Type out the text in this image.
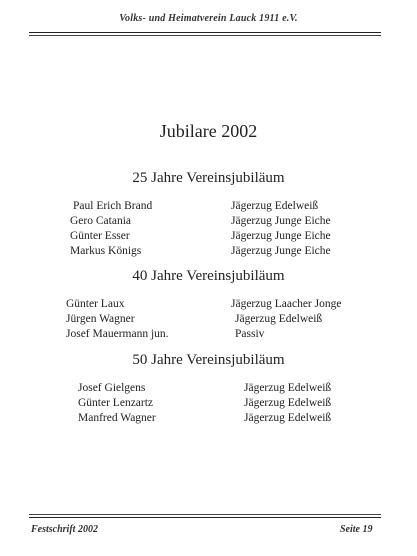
Volks- und Heimatverein Lauck 1911 e.V.
Jubilare 2002
25 Jahre Vereinsjubiläum
Paul Erich Brand	Jägerzug Edelweiß
Gero Catania	Jägerzug Junge Eiche
Günter Esser	Jägerzug Junge Eiche
Markus Königs	Jägerzug Junge Eiche
40 Jahre Vereinsjubiläum
Günter Laux	Jägerzug Laacher Jonge
Jürgen Wagner	Jägerzug Edelweiß
Josef Mauermann jun.	Passiv
50 Jahre Vereinsjubiläum
Josef Gielgens	Jägerzug Edelweiß
Günter Lenzartz	Jägerzug Edelweiß
Manfred Wagner	Jägerzug Edelweiß
Festschrift 2002	Seite 19
